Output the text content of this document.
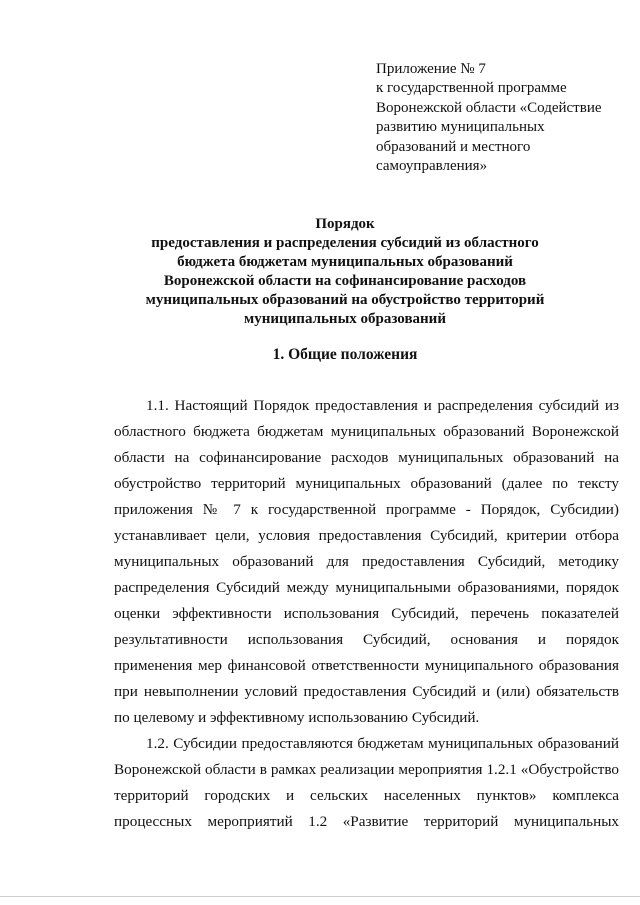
Приложение № 7
к государственной программе
Воронежской области «Содействие
развитию муниципальных
образований и местного
самоуправления»
Порядок
предоставления и распределения субсидий из областного
бюджета бюджетам муниципальных образований
Воронежской области на софинансирование расходов
муниципальных образований на обустройство территорий
муниципальных образований
1. Общие положения

1.1. Настоящий Порядок предоставления и распределения субсидий из областного бюджета бюджетам муниципальных образований Воронежской области на софинансирование расходов муниципальных образований на обустройство территорий муниципальных образований (далее по тексту приложения № 7 к государственной программе - Порядок, Субсидии) устанавливает цели, условия предоставления Субсидий, критерии отбора муниципальных образований для предоставления Субсидий, методику распределения Субсидий между муниципальными образованиями, порядок оценки эффективности использования Субсидий, перечень показателей результативности использования Субсидий, основания и порядок применения мер финансовой ответственности муниципального образования при невыполнении условий предоставления Субсидий и (или) обязательств по целевому и эффективному использованию Субсидий.

1.2. Субсидии предоставляются бюджетам муниципальных образований Воронежской области в рамках реализации мероприятия 1.2.1 «Обустройство территорий городских и сельских населенных пунктов» комплекса процессных мероприятий 1.2 «Развитие территорий муниципальных
